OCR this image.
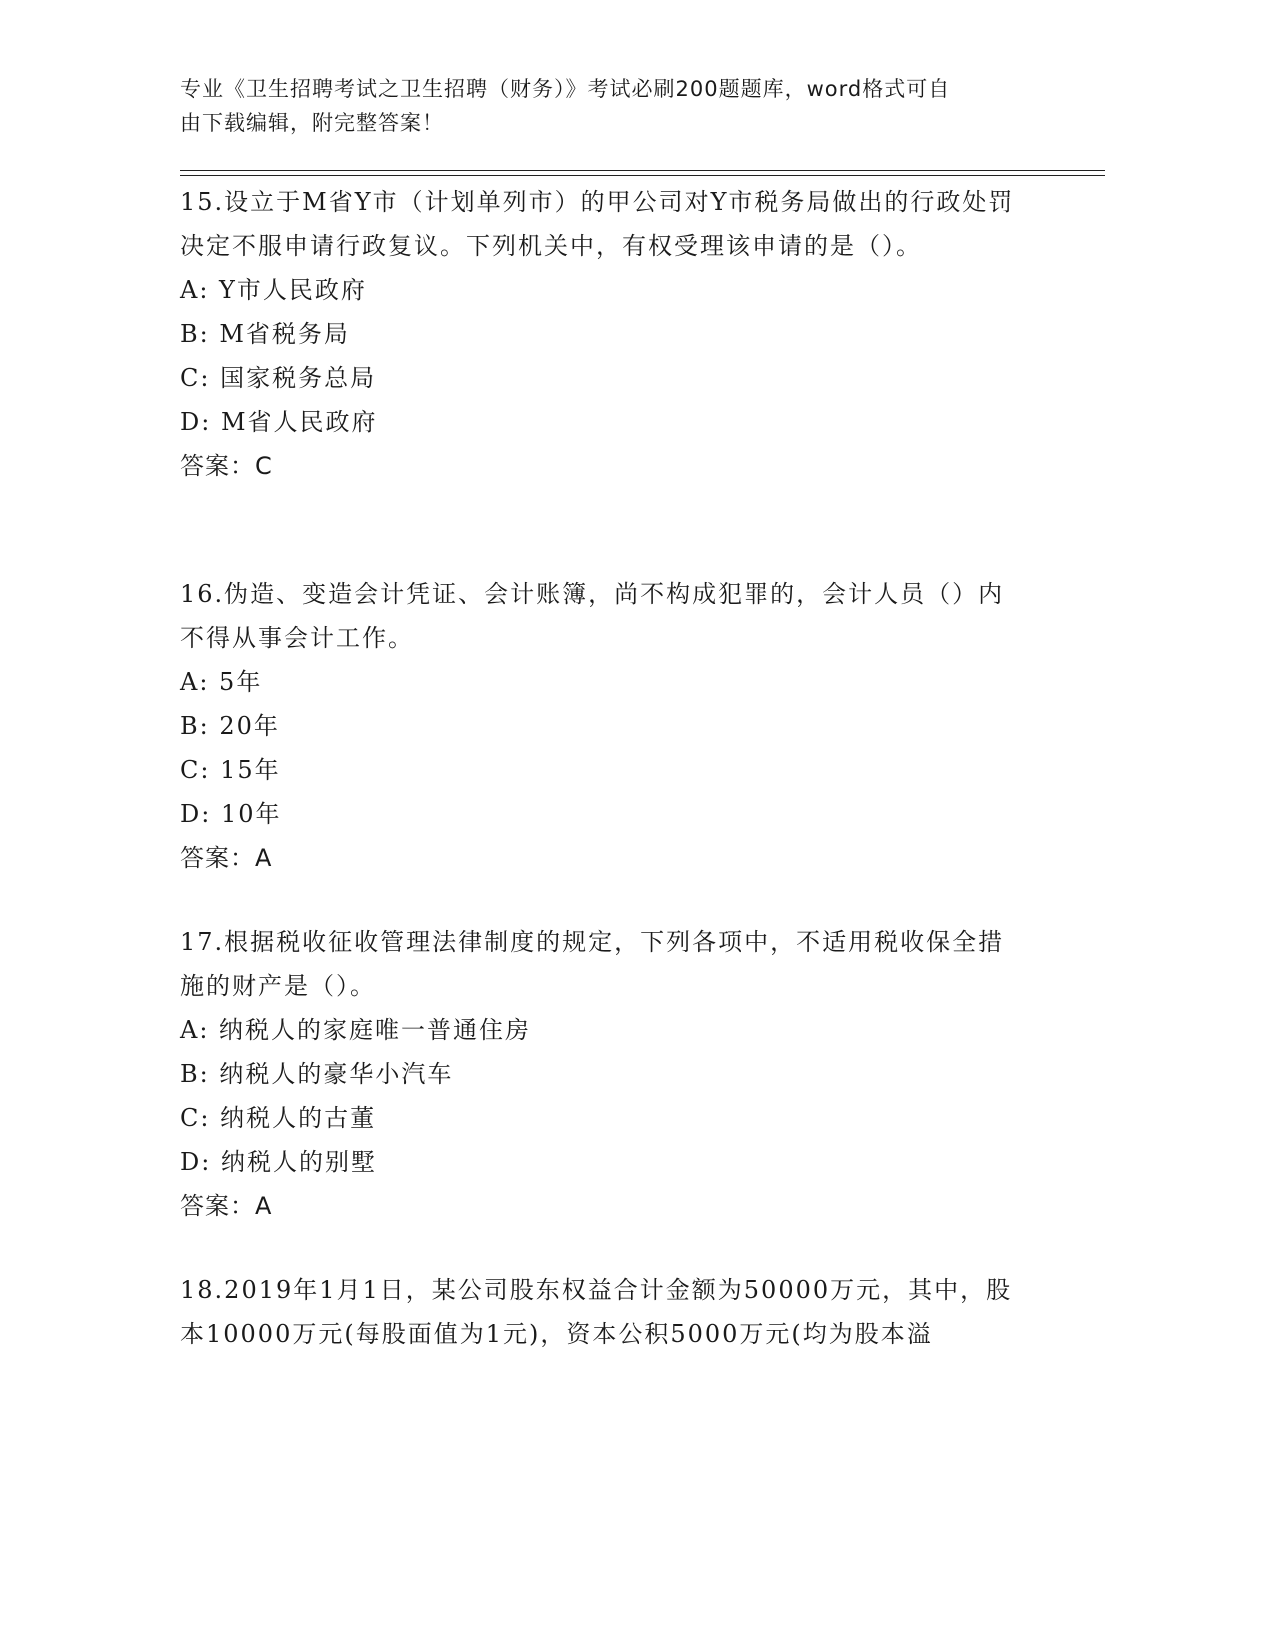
专业《卫生招聘考试之卫生招聘（财务）》考试必刷200题题库，word格式可自
由下载编辑，附完整答案！
15.设立于M省Y市（计划单列市）的甲公司对Y市税务局做出的行政处罚决定不服申请行政复议。下列机关中，有权受理该申请的是（）。
A: Y市人民政府
B: M省税务局
C: 国家税务总局
D: M省人民政府
答案：C
16.伪造、变造会计凭证、会计账簿，尚不构成犯罪的，会计人员（）内不得从事会计工作。
A: 5年
B: 20年
C: 15年
D: 10年
答案：A
17.根据税收征收管理法律制度的规定，下列各项中，不适用税收保全措施的财产是（）。
A: 纳税人的家庭唯一普通住房
B: 纳税人的豪华小汽车
C: 纳税人的古董
D: 纳税人的别墅
答案：A
18.2019年1月1日，某公司股东权益合计金额为50000万元，其中，股本10000万元(每股面值为1元)，资本公积5000万元(均为股本溢
